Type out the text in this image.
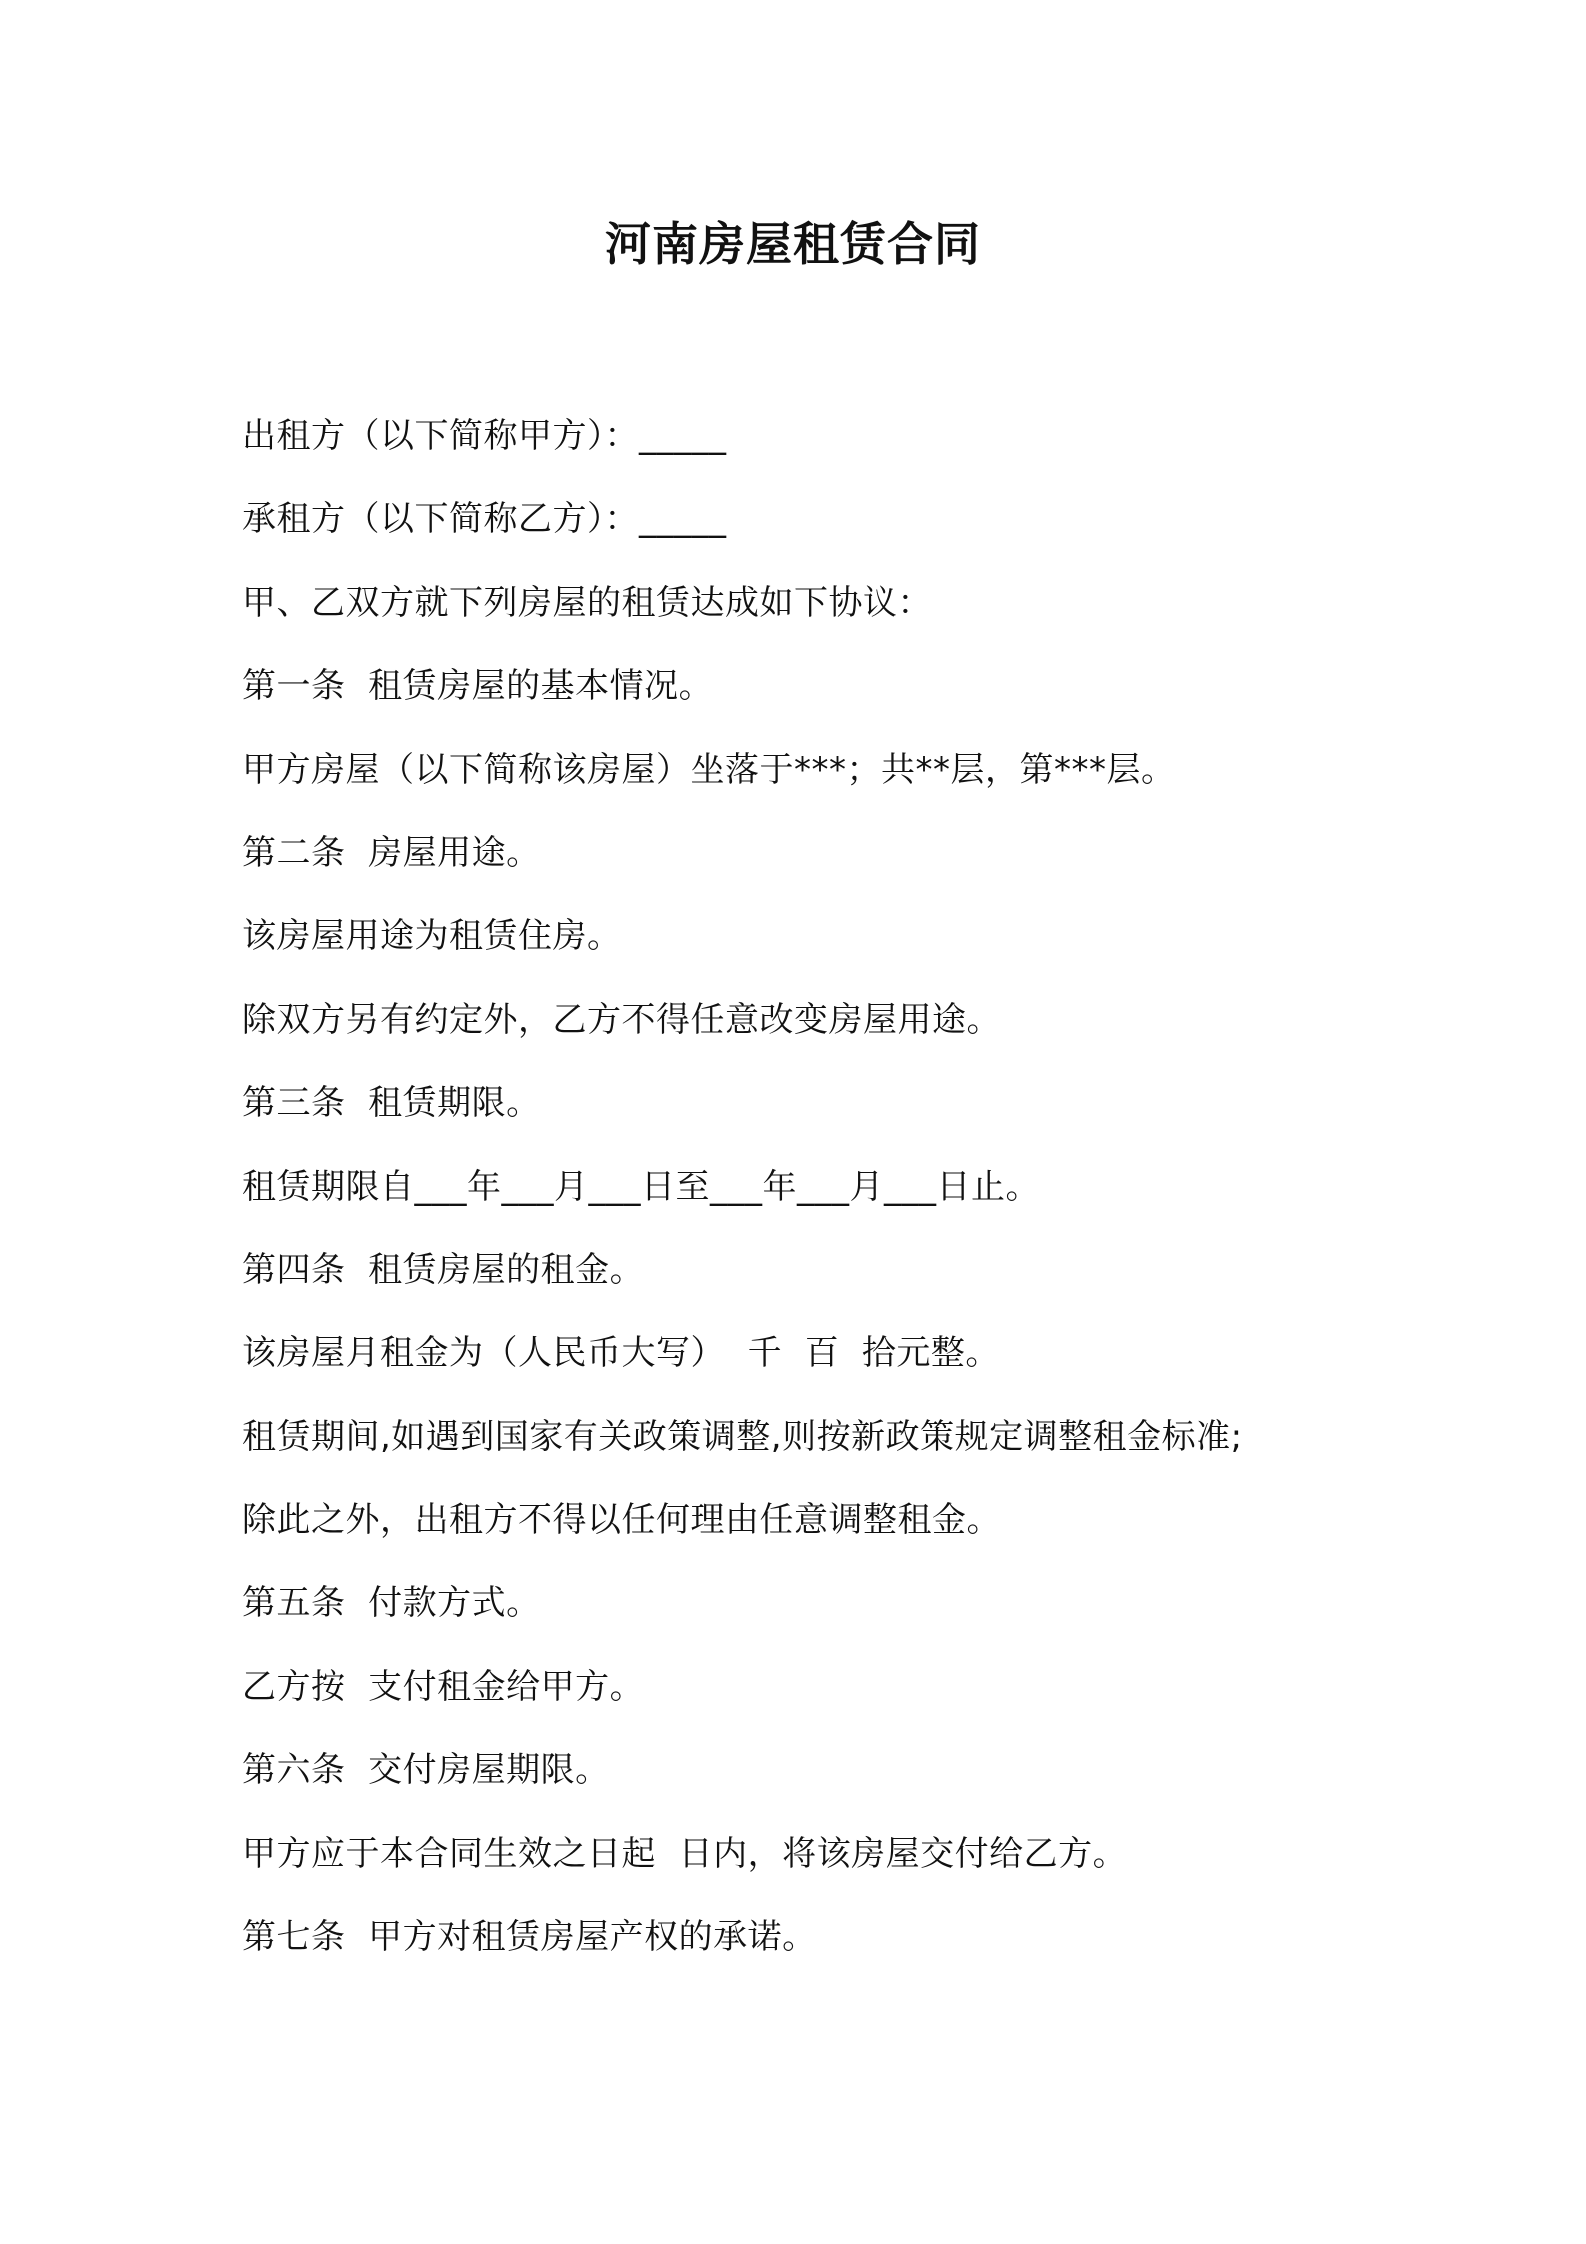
河南房屋租赁合同
出租方（以下简称甲方）：_____
承租方（以下简称乙方）：_____
甲、乙双方就下列房屋的租赁达成如下协议：
第一条  租赁房屋的基本情况。
甲方房屋（以下简称该房屋）坐落于***；共**层，第***层。
第二条  房屋用途。
该房屋用途为租赁住房。
除双方另有约定外，乙方不得任意改变房屋用途。
第三条  租赁期限。
租赁期限自___年___月___日至___年___月___日止。
第四条  租赁房屋的租金。
该房屋月租金为（人民币大写）  千  百  拾元整。
租赁期间,如遇到国家有关政策调整,则按新政策规定调整租金标准;
除此之外，出租方不得以任何理由任意调整租金。
第五条  付款方式。
乙方按  支付租金给甲方。
第六条  交付房屋期限。
甲方应于本合同生效之日起  日内，将该房屋交付给乙方。
第七条  甲方对租赁房屋产权的承诺。
